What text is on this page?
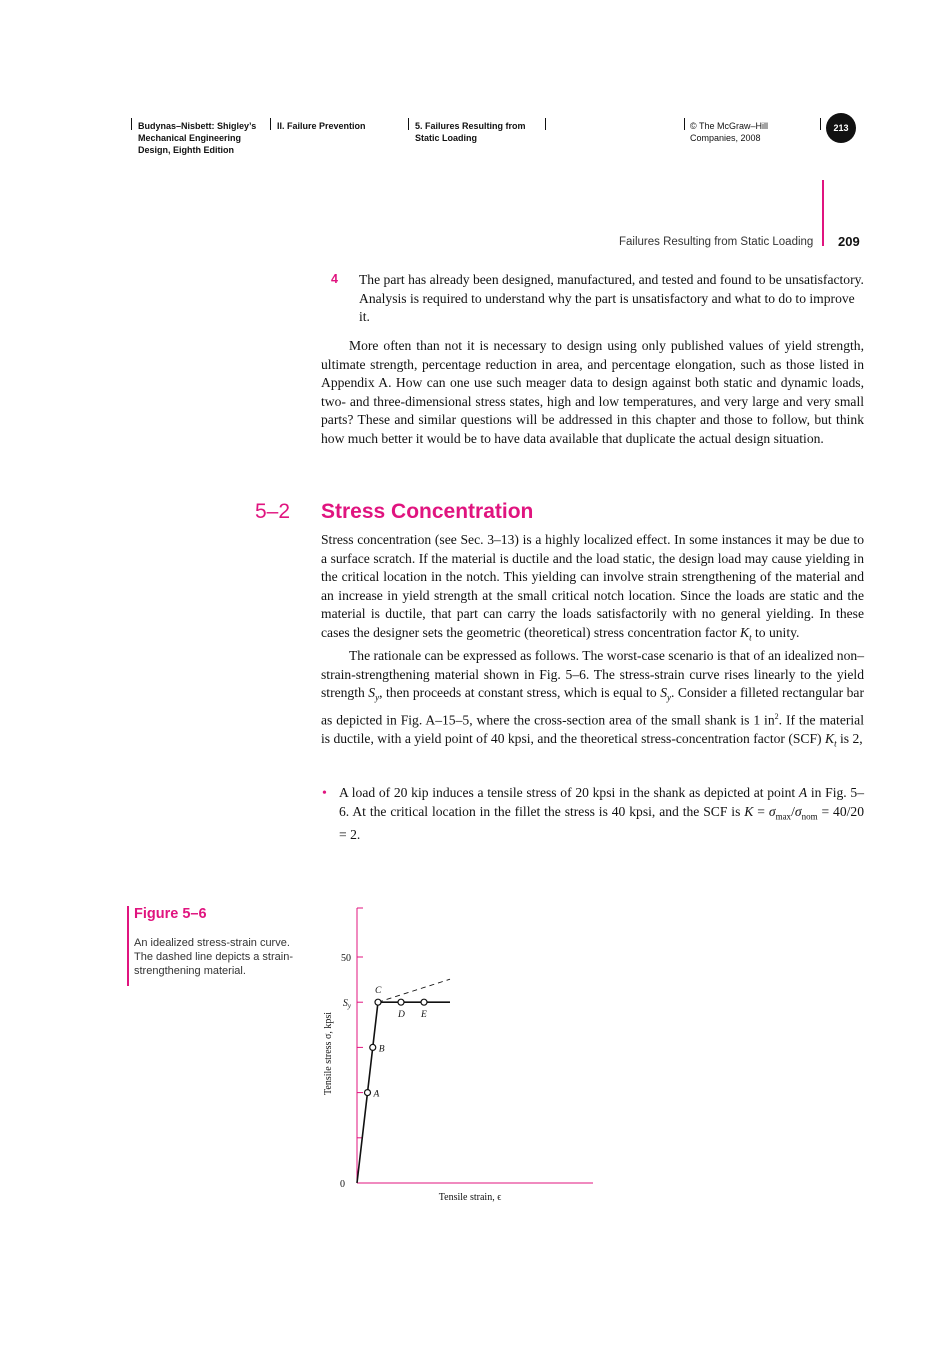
Budynas–Nisbett: Shigley’s
Mechanical Engineering
Design, Eighth Edition
II. Failure Prevention	5. Failures Resulting from
Static Loading
© The McGraw–Hill
Companies, 2008
213
Failures Resulting from Static Loading 209
4 The part has already been designed, manufactured, and tested and found to be unsatisfactory. Analysis is required to understand why the part is unsatisfactory and what to do to improve it.

More often than not it is necessary to design using only published values of yield strength, ultimate strength, percentage reduction in area, and percentage elongation, such as those listed in Appendix A. How can one use such meager data to design against both static and dynamic loads, two- and three-dimensional stress states, high and low temperatures, and very large and very small parts? These and similar questions will be addressed in this chapter and those to follow, but think how much better it would be to have data available that duplicate the actual design situation.

5–2 Stress Concentration

Stress concentration (see Sec. 3–13) is a highly localized effect. In some instances it may be due to a surface scratch. If the material is ductile and the load static, the design load may cause yielding in the critical location in the notch. This yielding can involve strain strengthening of the material and an increase in yield strength at the small critical notch location. Since the loads are static and the material is ductile, that part can carry the loads satisfactorily with no general yielding. In these cases the designer sets the geometric (theoretical) stress concentration factor $K_t$ to unity.

The rationale can be expressed as follows. The worst-case scenario is that of an idealized non–strain-strengthening material shown in Fig. 5–6. The stress-strain curve rises linearly to the yield strength $S_y$, then proceeds at constant stress, which is equal to $S_y$. Consider a filleted rectangular bar as depicted in Fig. A–15–5, where the cross-section area of the small shank is 1 $in^2$. If the material is ductile, with a yield point of 40 kpsi, and the theoretical stress-concentration factor (SCF) $K_t$ is 2,

• A load of 20 kip induces a tensile stress of 20 kpsi in the shank as depicted at point A in Fig. 5–6. At the critical location in the fillet the stress is 40 kpsi, and the SCF is $K = \sigma_{max}/\sigma_{nom} = 40/20 = 2$.

Figure 5–6
An idealized stress-strain curve. The dashed line depicts a strain-strengthening material.
0
50
$S_y$
Tensile strain, ϵ
Tensile stress σ, kpsi	A
B
C
D E
